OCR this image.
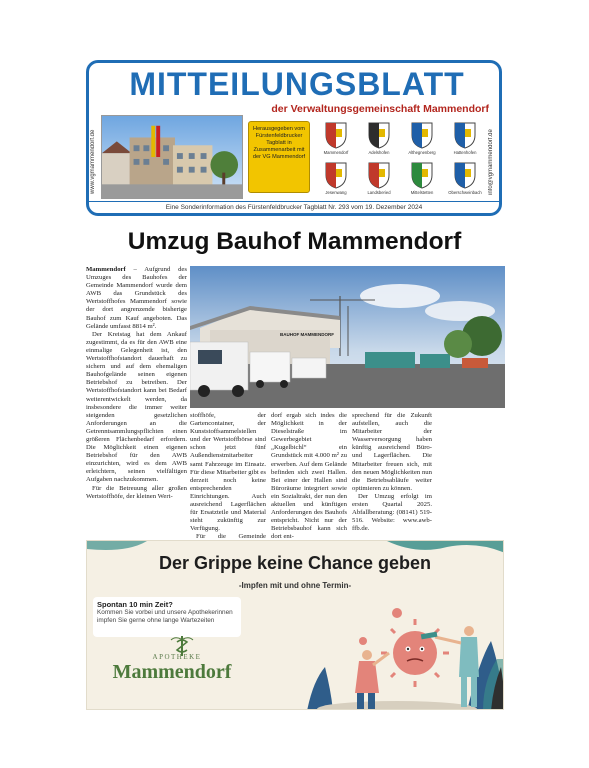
MITTEILUNGSBLATT
der Verwaltungsgemeinschaft Mammendorf
www.vgmammendorf.de	info@vgmammendorf.de
Herausgegeben vom Fürstenfeldbrucker Tagblatt in Zusammenarbeit mit der VG Mammendorf
Mammendorf	Adelshofen	Althegnenberg	Hattenhofen
Jesenwang	Landsberied	Mittelstetten	Oberschweinbach
Eine Sonderinformation des Fürstenfeldbrucker Tagblatt Nr. 293 vom 19. Dezember 2024
Umzug Bauhof Mammendorf
BAUHOF MAMMENDORF

Mammendorf – Aufgrund des Umzuges des Bauhofes der Gemeinde Mammendorf wurde dem AWB das Grundstück des Wertstoffhofes Mammendorf sowie der dort angrenzende bisherige Bauhof zum Kauf angeboten. Das Gelände umfasst 8814 m².

Der Kreistag hat dem Ankauf zugestimmt, da es für den AWB eine einmalige Gelegenheit ist, den Wertstoffhofstandort dauerhaft zu sichern und auf dem ehemaligen Bauhofgelände seinen eigenen Betriebshof zu betreiben. Der Wertstoffhofstandort kann bei Bedarf weiterentwickelt werden, da insbesondere die immer weiter steigenden gesetzlichen Anforderungen an die Getrenntsammlungspflichten einen größeren Flächenbedarf erfordern. Die Möglichkeit einen eigenen Betriebshof für den AWB einzurichten, wird es dem AWB erleichtern, seinen vielfältigen Aufgaben nachzukommen.

Für die Betreuung aller großen Wertstoffhöfe, der kleinen Wert-

stoffhöfe, der Gartencontainer, der Kunststoffsammelstellen und der Wertstoffbörse sind schon jetzt fünf Außendienstmitarbeiter samt Fahrzeuge im Einsatz. Für diese Mitarbeiter gibt es derzeit noch keine entsprechenden Einrichtungen. Auch ausreichend Lagerflächen für Ersatzteile und Material steht zukünftig zur Verfügung.

Für die Gemeinde

dorf ergab sich indes die Möglichkeit in der Dieselstraße im Gewerbegebiet „Kugelbichl“ ein Grundstück mit 4.000 m² zu erwerben. Auf dem Gelände befinden sich zwei Hallen. Bei einer der Hallen sind Büroräume integriert sowie ein Sozialtrakt, der nun den aktuellen und künftigen Anforderungen des Bauhofs entspricht. Nicht nur der Betriebsbauhof kann sich dort ent-

sprechend für die Zukunft aufstellen, auch die Mitarbeiter der Wasserversorgung haben künftig ausreichend Büro- und Lagerflächen. Die Mitarbeiter freuen sich, mit den neuen Möglichkeiten nun die Betriebsabläufe weiter optimieren zu können.

Der Umzug erfolgt im ersten Quartal 2025. Abfallberatung: (08141) 519-516. Website: www.awb-ffb.de.

Der Grippe keine Chance geben
-Impfen mit und ohne Termin-
Spontan 10 min Zeit?
Kommen Sie vorbei und unsere Apothekerinnen impfen Sie gerne ohne lange Wartezeiten
APOTHEKE
Mammendorf
